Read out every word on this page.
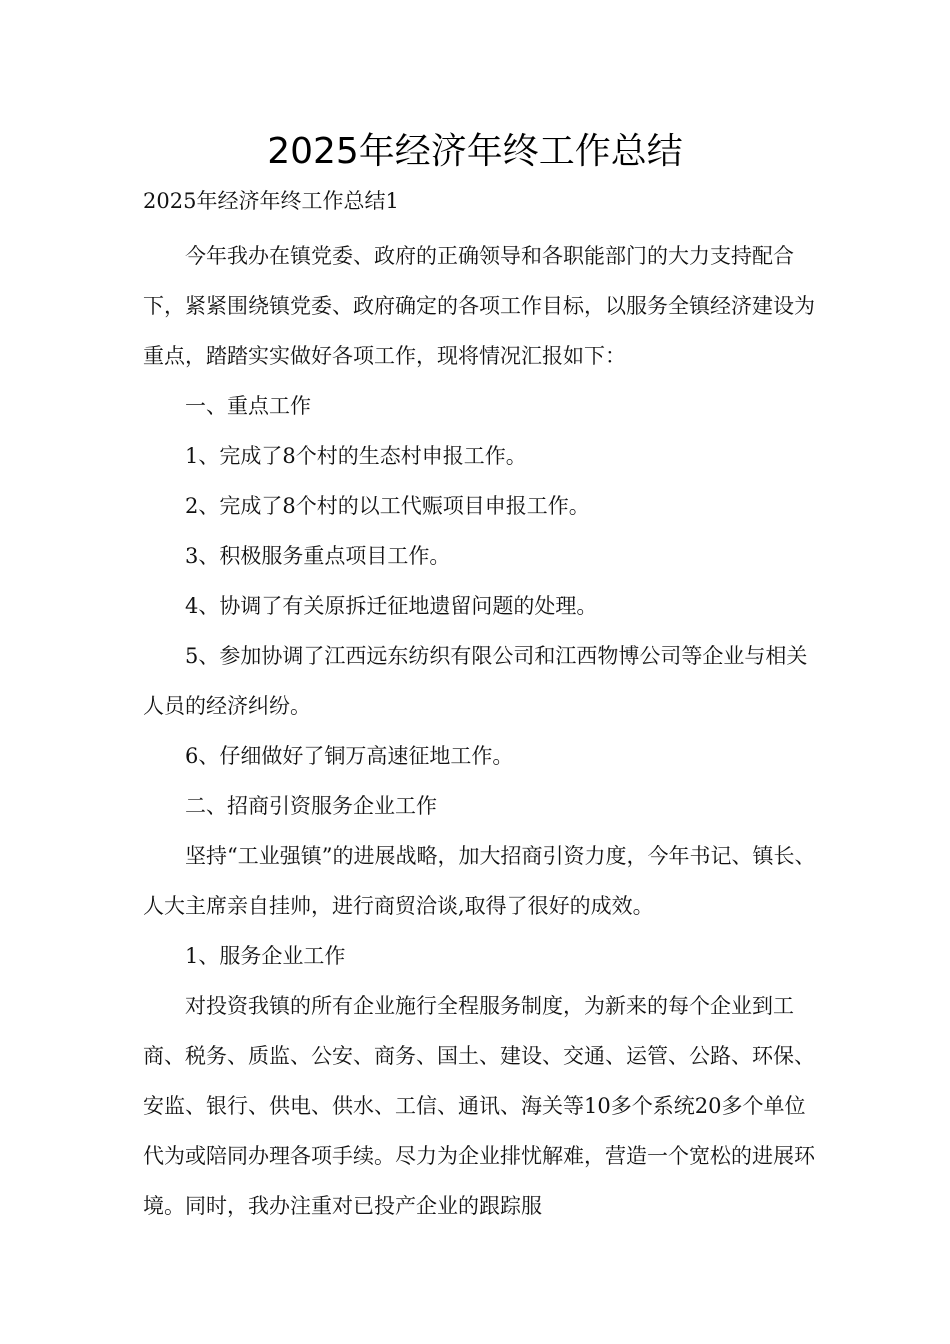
2025年经济年终工作总结
2025年经济年终工作总结1

今年我办在镇党委、政府的正确领导和各职能部门的大力支持配合下，紧紧围绕镇党委、政府确定的各项工作目标，以服务全镇经济建设为重点，踏踏实实做好各项工作，现将情况汇报如下：

一、重点工作

1、完成了8个村的生态村申报工作。

2、完成了8个村的以工代赈项目申报工作。

3、积极服务重点项目工作。

4、协调了有关原拆迁征地遗留问题的处理。

5、参加协调了江西远东纺织有限公司和江西物博公司等企业与相关人员的经济纠纷。

6、仔细做好了铜万高速征地工作。

二、招商引资服务企业工作

坚持“工业强镇”的进展战略，加大招商引资力度，今年书记、镇长、人大主席亲自挂帅，进行商贸洽谈,取得了很好的成效。

1、服务企业工作

对投资我镇的所有企业施行全程服务制度，为新来的每个企业到工商、税务、质监、公安、商务、国土、建设、交通、运管、公路、环保、安监、银行、供电、供水、工信、通讯、海关等10多个系统20多个单位代为或陪同办理各项手续。尽力为企业排忧解难，营造一个宽松的进展环境。同时，我办注重对已投产企业的跟踪服
